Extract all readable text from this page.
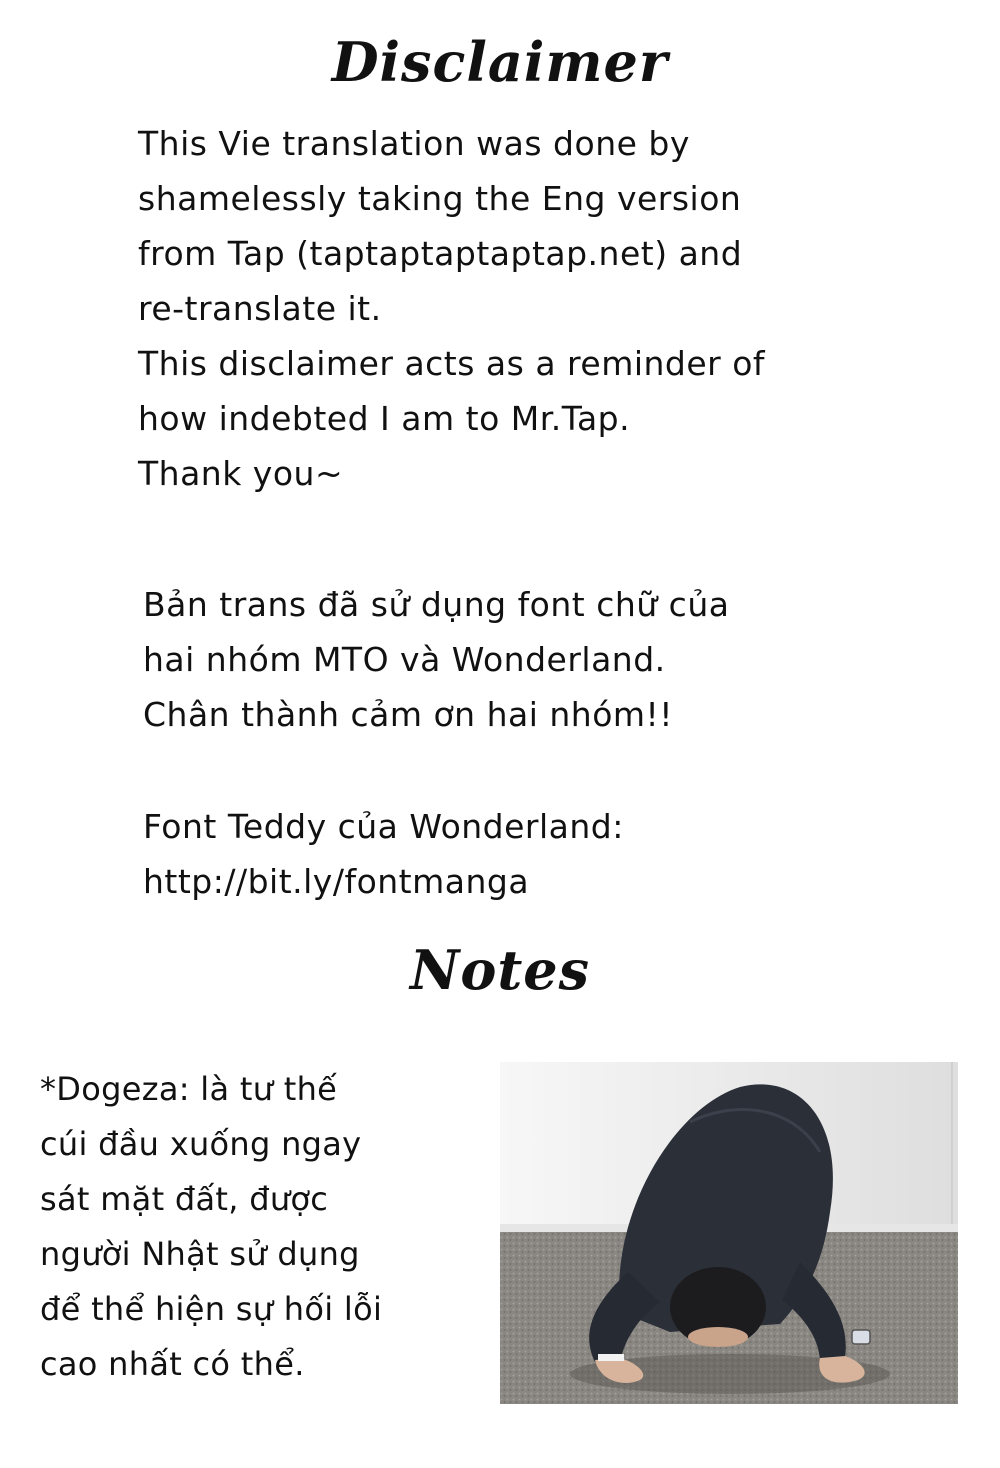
Disclaimer
This Vie translation was done by
shamelessly taking the Eng version
from Tap (taptaptaptaptap.net) and
re-translate it.
This disclaimer acts as a reminder of
how indebted I am to Mr.Tap.
Thank you~
Bản trans đã sử dụng font chữ của
hai nhóm MTO và Wonderland.
Chân thành cảm ơn hai nhóm!!
Font Teddy của Wonderland:
http://bit.ly/fontmanga
Notes
*Dogeza: là tư thế
cúi đầu xuống ngay
sát mặt đất, được
người Nhật sử dụng
để thể hiện sự hối lỗi
cao nhất có thể.
